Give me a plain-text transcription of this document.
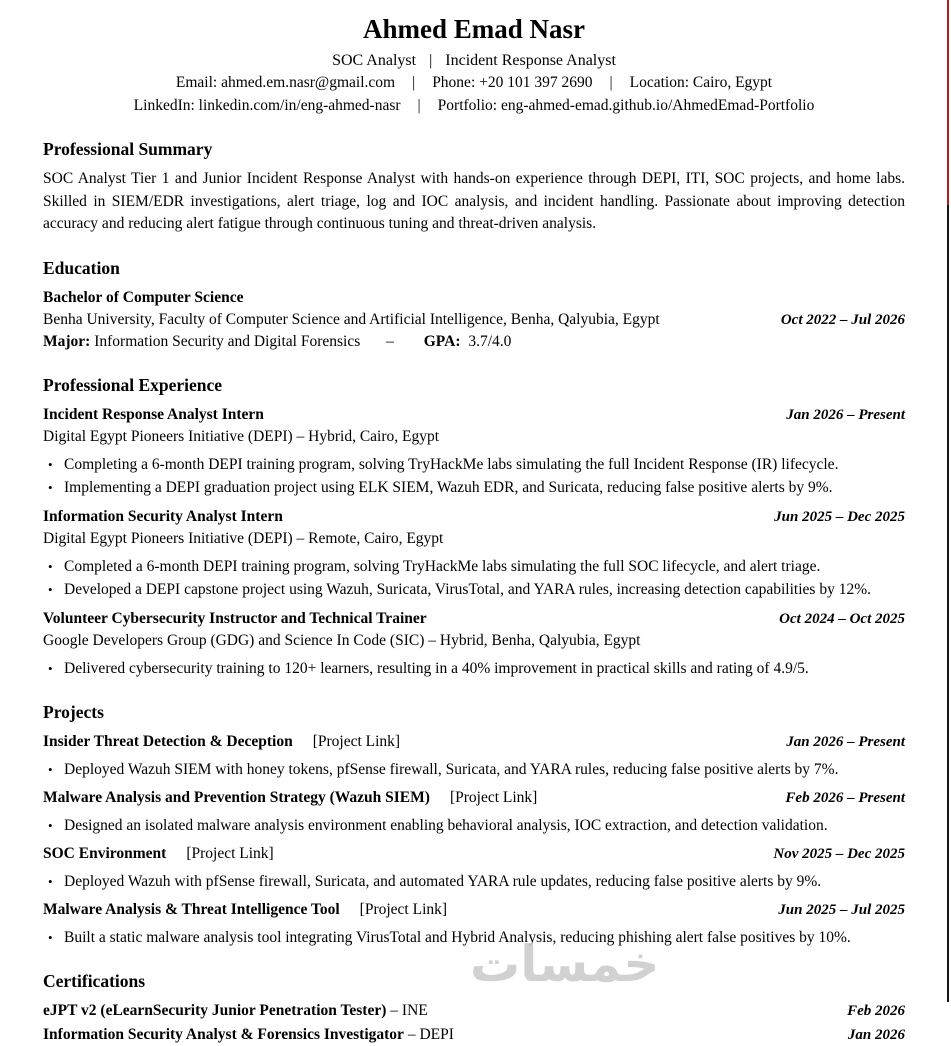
Ahmed Emad Nasr
SOC Analyst | Incident Response Analyst
Email: ahmed.em.nasr@gmail.com | Phone: +20 101 397 2690 | Location: Cairo, Egypt
LinkedIn: linkedin.com/in/eng-ahmed-nasr | Portfolio: eng-ahmed-emad.github.io/AhmedEmad-Portfolio
Professional Summary
SOC Analyst Tier 1 and Junior Incident Response Analyst with hands-on experience through DEPI, ITI, SOC projects, and home labs. Skilled in SIEM/EDR investigations, alert triage, log and IOC analysis, and incident handling. Passionate about improving detection accuracy and reducing alert fatigue through continuous tuning and threat-driven analysis.
Education
Bachelor of Computer Science
Benha University, Faculty of Computer Science and Artificial Intelligence, Benha, Qalyubia, Egypt	Oct 2022 – Jul 2026
Major: Information Security and Digital Forensics – GPA: 3.7/4.0
Professional Experience
Incident Response Analyst Intern	Jan 2026 – Present
Digital Egypt Pioneers Initiative (DEPI) – Hybrid, Cairo, Egypt
• Completing a 6-month DEPI training program, solving TryHackMe labs simulating the full Incident Response (IR) lifecycle.
• Implementing a DEPI graduation project using ELK SIEM, Wazuh EDR, and Suricata, reducing false positive alerts by 9%.
Information Security Analyst Intern	Jun 2025 – Dec 2025
Digital Egypt Pioneers Initiative (DEPI) – Remote, Cairo, Egypt
• Completed a 6-month DEPI training program, solving TryHackMe labs simulating the full SOC lifecycle, and alert triage.
• Developed a DEPI capstone project using Wazuh, Suricata, VirusTotal, and YARA rules, increasing detection capabilities by 12%.
Volunteer Cybersecurity Instructor and Technical Trainer	Oct 2024 – Oct 2025
Google Developers Group (GDG) and Science In Code (SIC) – Hybrid, Benha, Qalyubia, Egypt
• Delivered cybersecurity training to 120+ learners, resulting in a 40% improvement in practical skills and rating of 4.9/5.
Projects
Insider Threat Detection & Deception [Project Link]	Jan 2026 – Present
• Deployed Wazuh SIEM with honey tokens, pfSense firewall, Suricata, and YARA rules, reducing false positive alerts by 7%.
Malware Analysis and Prevention Strategy (Wazuh SIEM) [Project Link]	Feb 2026 – Present
• Designed an isolated malware analysis environment enabling behavioral analysis, IOC extraction, and detection validation.
SOC Environment [Project Link]	Nov 2025 – Dec 2025
• Deployed Wazuh with pfSense firewall, Suricata, and automated YARA rule updates, reducing false positive alerts by 9%.
Malware Analysis & Threat Intelligence Tool [Project Link]	Jun 2025 – Jul 2025
• Built a static malware analysis tool integrating VirusTotal and Hybrid Analysis, reducing phishing alert false positives by 10%.
Certifications
eJPT v2 (eLearnSecurity Junior Penetration Tester) – INE	Feb 2026
Information Security Analyst & Forensics Investigator – DEPI	Jan 2026
خمسات
